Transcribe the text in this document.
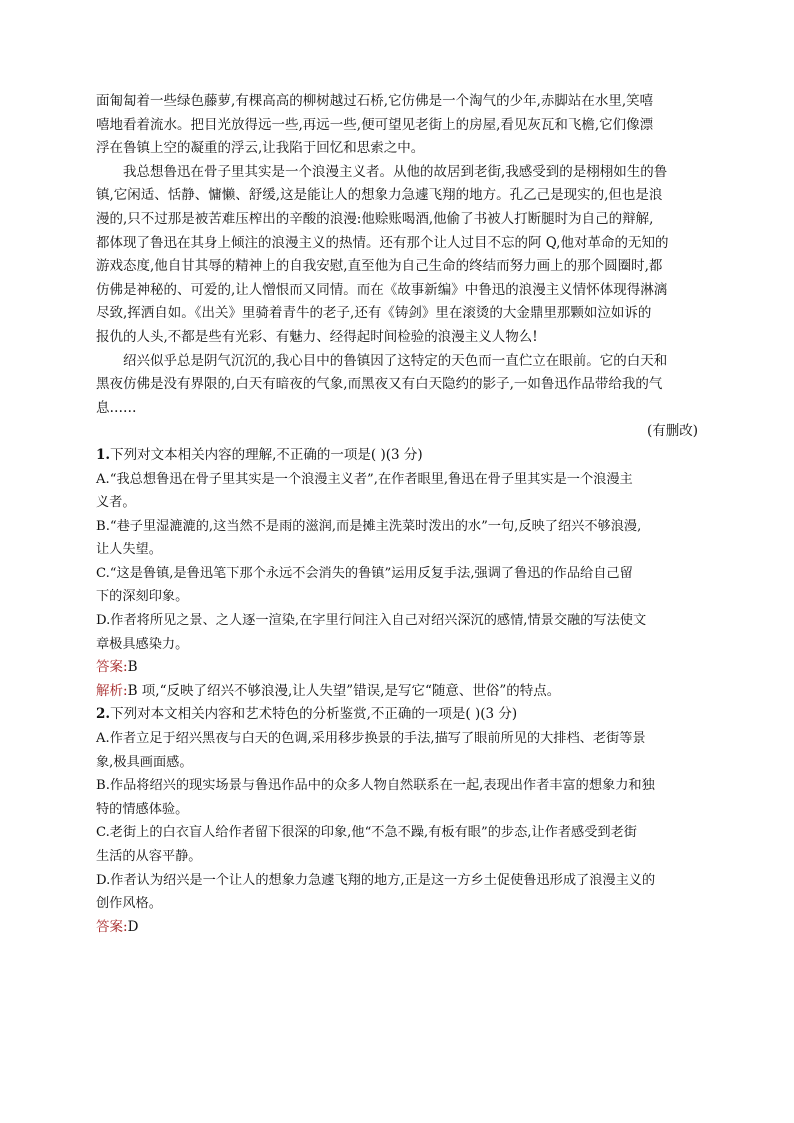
面匍匐着一些绿色藤萝,有棵高高的柳树越过石桥,它仿佛是一个淘气的少年,赤脚站在水里,笑嘻
嘻地看着流水。把目光放得远一些,再远一些,便可望见老街上的房屋,看见灰瓦和飞檐,它们像漂
浮在鲁镇上空的凝重的浮云,让我陷于回忆和思索之中。
我总想鲁迅在骨子里其实是一个浪漫主义者。从他的故居到老街,我感受到的是栩栩如生的鲁
镇,它闲适、恬静、慵懒、舒缓,这是能让人的想象力急遽飞翔的地方。孔乙己是现实的,但也是浪
漫的,只不过那是被苦难压榨出的辛酸的浪漫:他赊账喝酒,他偷了书被人打断腿时为自己的辩解,
都体现了鲁迅在其身上倾注的浪漫主义的热情。还有那个让人过目不忘的阿 Q,他对革命的无知的
游戏态度,他自甘其辱的精神上的自我安慰,直至他为自己生命的终结而努力画上的那个圆圈时,都
仿佛是神秘的、可爱的,让人憎恨而又同情。而在《故事新编》中鲁迅的浪漫主义情怀体现得淋漓
尽致,挥洒自如。《出关》里骑着青牛的老子,还有《铸剑》里在滚烫的大金鼎里那颗如泣如诉的
报仇的人头,不都是些有光彩、有魅力、经得起时间检验的浪漫主义人物么!
绍兴似乎总是阴气沉沉的,我心目中的鲁镇因了这特定的天色而一直伫立在眼前。它的白天和
黑夜仿佛是没有界限的,白天有暗夜的气象,而黑夜又有白天隐约的影子,一如鲁迅作品带给我的气
息……
(有删改)
1.下列对文本相关内容的理解,不正确的一项是( )(3 分)
A.“我总想鲁迅在骨子里其实是一个浪漫主义者”,在作者眼里,鲁迅在骨子里其实是一个浪漫主
义者。
B.“巷子里湿漉漉的,这当然不是雨的滋润,而是摊主洗菜时泼出的水”一句,反映了绍兴不够浪漫,
让人失望。
C.“这是鲁镇,是鲁迅笔下那个永远不会消失的鲁镇”运用反复手法,强调了鲁迅的作品给自己留
下的深刻印象。
D.作者将所见之景、之人逐一渲染,在字里行间注入自己对绍兴深沉的感情,情景交融的写法使文
章极具感染力。
答案:B
解析:B 项,“反映了绍兴不够浪漫,让人失望”错误,是写它“随意、世俗”的特点。
2.下列对本文相关内容和艺术特色的分析鉴赏,不正确的一项是( )(3 分)
A.作者立足于绍兴黑夜与白天的色调,采用移步换景的手法,描写了眼前所见的大排档、老街等景
象,极具画面感。
B.作品将绍兴的现实场景与鲁迅作品中的众多人物自然联系在一起,表现出作者丰富的想象力和独
特的情感体验。
C.老街上的白衣盲人给作者留下很深的印象,他“不急不躁,有板有眼”的步态,让作者感受到老街
生活的从容平静。
D.作者认为绍兴是一个让人的想象力急遽飞翔的地方,正是这一方乡土促使鲁迅形成了浪漫主义的
创作风格。
答案:D
